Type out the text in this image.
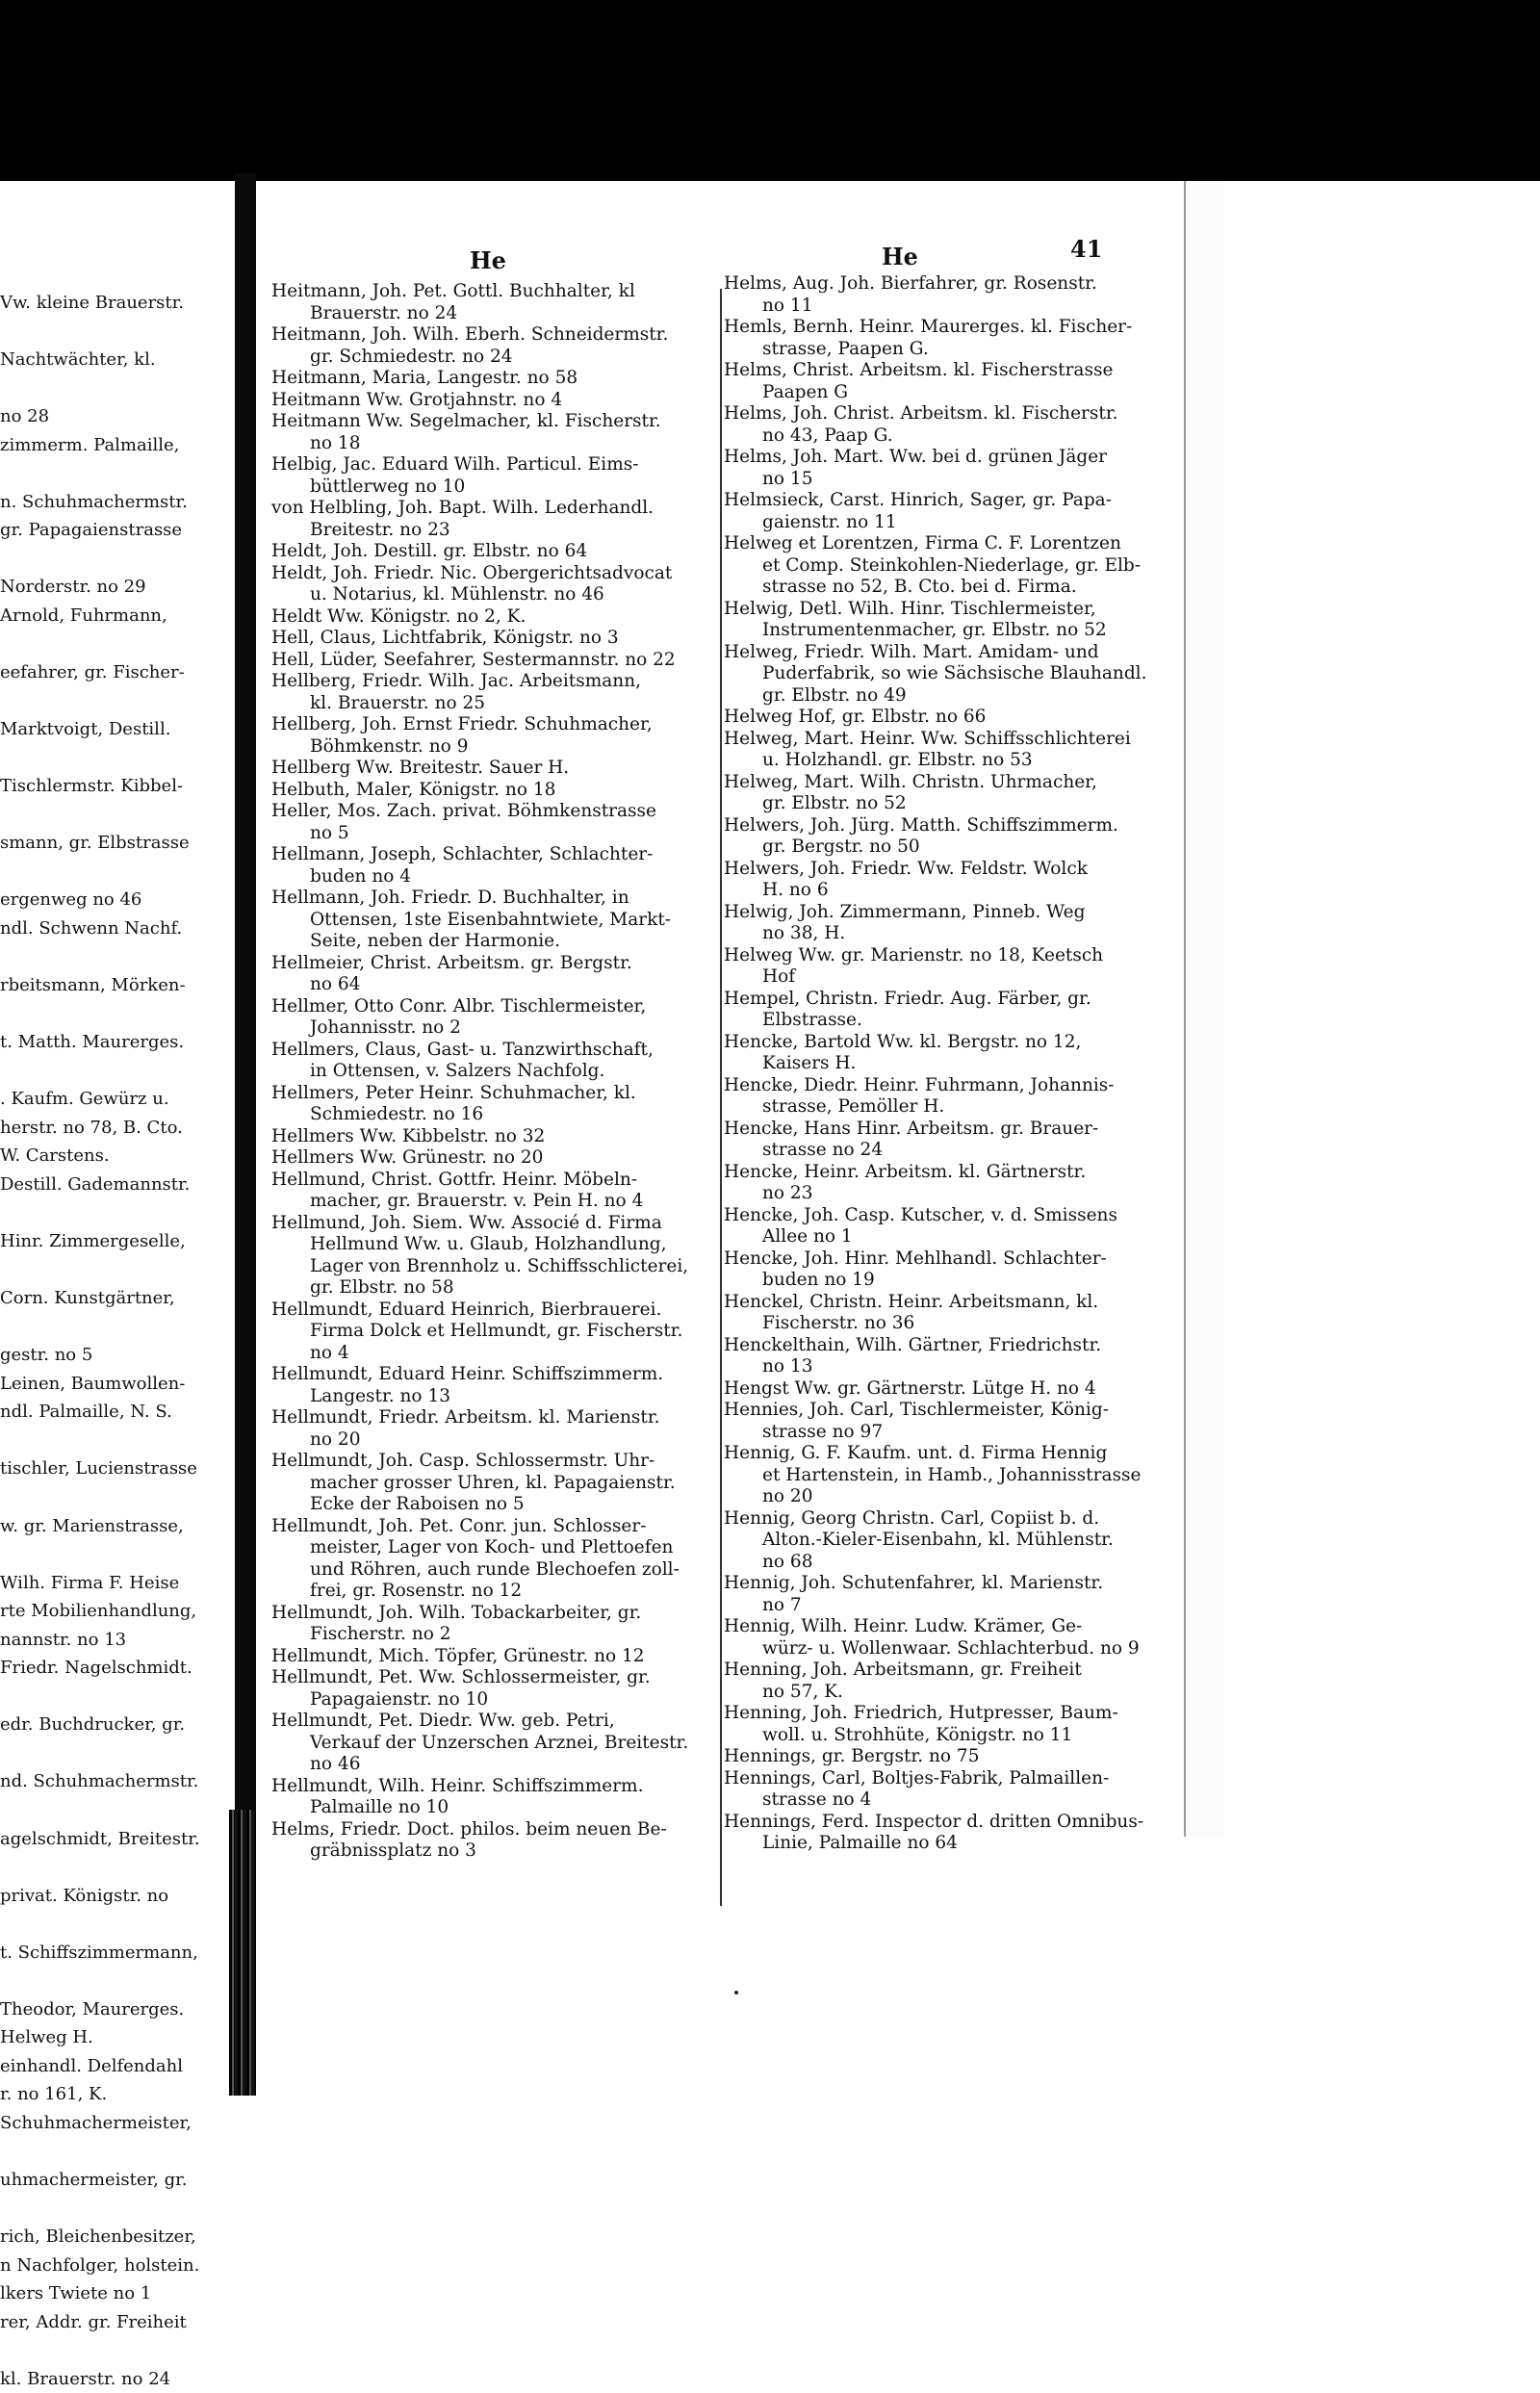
Vw. kleine Brauerstr.

Nachtwächter, kl.

no 28
zimmerm. Palmaille,

n. Schuhmachermstr.
gr. Papagaienstrasse

Norderstr. no 29
Arnold, Fuhrmann,

eefahrer, gr. Fischer-

Marktvoigt, Destill.

Tischlermstr. Kibbel-

smann, gr. Elbstrasse

ergenweg no 46
ndl. Schwenn Nachf.

rbeitsmann, Mörken-

t. Matth. Maurerges.

. Kaufm. Gewürz u.
herstr. no 78, B. Cto.
W. Carstens.
Destill. Gademannstr.

Hinr. Zimmergeselle,

Corn. Kunstgärtner,

gestr. no 5
Leinen, Baumwollen-
ndl. Palmaille, N. S.

tischler, Lucienstrasse

w. gr. Marienstrasse,

Wilh. Firma F. Heise
rte Mobilienhandlung,
nannstr. no 13
Friedr. Nagelschmidt.

edr. Buchdrucker, gr.

nd. Schuhmachermstr.

agelschmidt, Breitestr.

privat. Königstr. no

t. Schiffszimmermann,

Theodor, Maurerges.
Helweg H.
einhandl. Delfendahl
r. no 161, K.
Schuhmachermeister,

uhmachermeister, gr.

rich, Bleichenbesitzer,
n Nachfolger, holstein.
lkers Twiete no 1
rer, Addr. gr. Freiheit

kl. Brauerstr. no 24
He	He	41
Heitmann, Joh. Pet. Gottl. Buchhalter, kl
Brauerstr. no 24
Heitmann, Joh. Wilh. Eberh. Schneidermstr.
gr. Schmiedestr. no 24
Heitmann, Maria, Langestr. no 58
Heitmann Ww. Grotjahnstr. no 4
Heitmann Ww. Segelmacher, kl. Fischerstr.
no 18
Helbig, Jac. Eduard Wilh. Particul. Eims-
büttlerweg no 10
von Helbling, Joh. Bapt. Wilh. Lederhandl.
Breitestr. no 23
Heldt, Joh. Destill. gr. Elbstr. no 64
Heldt, Joh. Friedr. Nic. Obergerichtsadvocat
u. Notarius, kl. Mühlenstr. no 46
Heldt Ww. Königstr. no 2, K.
Hell, Claus, Lichtfabrik, Königstr. no 3
Hell, Lüder, Seefahrer, Sestermannstr. no 22
Hellberg, Friedr. Wilh. Jac. Arbeitsmann,
kl. Brauerstr. no 25
Hellberg, Joh. Ernst Friedr. Schuhmacher,
Böhmkenstr. no 9
Hellberg Ww. Breitestr. Sauer H.
Helbuth, Maler, Königstr. no 18
Heller, Mos. Zach. privat. Böhmkenstrasse
no 5
Hellmann, Joseph, Schlachter, Schlachter-
buden no 4
Hellmann, Joh. Friedr. D. Buchhalter, in
Ottensen, 1ste Eisenbahntwiete, Markt-
Seite, neben der Harmonie.
Hellmeier, Christ. Arbeitsm. gr. Bergstr.
no 64
Hellmer, Otto Conr. Albr. Tischlermeister,
Johannisstr. no 2
Hellmers, Claus, Gast- u. Tanzwirthschaft,
in Ottensen, v. Salzers Nachfolg.
Hellmers, Peter Heinr. Schuhmacher, kl.
Schmiedestr. no 16
Hellmers Ww. Kibbelstr. no 32
Hellmers Ww. Grünestr. no 20
Hellmund, Christ. Gottfr. Heinr. Möbeln-
macher, gr. Brauerstr. v. Pein H. no 4
Hellmund, Joh. Siem. Ww. Associé d. Firma
Hellmund Ww. u. Glaub, Holzhandlung,
Lager von Brennholz u. Schiffsschlicterei,
gr. Elbstr. no 58
Hellmundt, Eduard Heinrich, Bierbrauerei.
Firma Dolck et Hellmundt, gr. Fischerstr.
no 4
Hellmundt, Eduard Heinr. Schiffszimmerm.
Langestr. no 13
Hellmundt, Friedr. Arbeitsm. kl. Marienstr.
no 20
Hellmundt, Joh. Casp. Schlossermstr. Uhr-
macher grosser Uhren, kl. Papagaienstr.
Ecke der Raboisen no 5
Hellmundt, Joh. Pet. Conr. jun. Schlosser-
meister, Lager von Koch- und Plettoefen
und Röhren, auch runde Blechoefen zoll-
frei, gr. Rosenstr. no 12
Hellmundt, Joh. Wilh. Tobackarbeiter, gr.
Fischerstr. no 2
Hellmundt, Mich. Töpfer, Grünestr. no 12
Hellmundt, Pet. Ww. Schlossermeister, gr.
Papagaienstr. no 10
Hellmundt, Pet. Diedr. Ww. geb. Petri,
Verkauf der Unzerschen Arznei, Breitestr.
no 46
Hellmundt, Wilh. Heinr. Schiffszimmerm.
Palmaille no 10
Helms, Friedr. Doct. philos. beim neuen Be-
gräbnissplatz no 3
Helms, Aug. Joh. Bierfahrer, gr. Rosenstr.
no 11
Hemls, Bernh. Heinr. Maurerges. kl. Fischer-
strasse, Paapen G.
Helms, Christ. Arbeitsm. kl. Fischerstrasse
Paapen G
Helms, Joh. Christ. Arbeitsm. kl. Fischerstr.
no 43, Paap G.
Helms, Joh. Mart. Ww. bei d. grünen Jäger
no 15
Helmsieck, Carst. Hinrich, Sager, gr. Papa-
gaienstr. no 11
Helweg et Lorentzen, Firma C. F. Lorentzen
et Comp. Steinkohlen-Niederlage, gr. Elb-
strasse no 52, B. Cto. bei d. Firma.
Helwig, Detl. Wilh. Hinr. Tischlermeister,
Instrumentenmacher, gr. Elbstr. no 52
Helweg, Friedr. Wilh. Mart. Amidam- und
Puderfabrik, so wie Sächsische Blauhandl.
gr. Elbstr. no 49
Helweg Hof, gr. Elbstr. no 66
Helweg, Mart. Heinr. Ww. Schiffsschlichterei
u. Holzhandl. gr. Elbstr. no 53
Helweg, Mart. Wilh. Christn. Uhrmacher,
gr. Elbstr. no 52
Helwers, Joh. Jürg. Matth. Schiffszimmerm.
gr. Bergstr. no 50
Helwers, Joh. Friedr. Ww. Feldstr. Wolck
H. no 6
Helwig, Joh. Zimmermann, Pinneb. Weg
no 38, H.
Helweg Ww. gr. Marienstr. no 18, Keetsch
Hof
Hempel, Christn. Friedr. Aug. Färber, gr.
Elbstrasse.
Hencke, Bartold Ww. kl. Bergstr. no 12,
Kaisers H.
Hencke, Diedr. Heinr. Fuhrmann, Johannis-
strasse, Pemöller H.
Hencke, Hans Hinr. Arbeitsm. gr. Brauer-
strasse no 24
Hencke, Heinr. Arbeitsm. kl. Gärtnerstr.
no 23
Hencke, Joh. Casp. Kutscher, v. d. Smissens
Allee no 1
Hencke, Joh. Hinr. Mehlhandl. Schlachter-
buden no 19
Henckel, Christn. Heinr. Arbeitsmann, kl.
Fischerstr. no 36
Henckelthain, Wilh. Gärtner, Friedrichstr.
no 13
Hengst Ww. gr. Gärtnerstr. Lütge H. no 4
Hennies, Joh. Carl, Tischlermeister, König-
strasse no 97
Hennig, G. F. Kaufm. unt. d. Firma Hennig
et Hartenstein, in Hamb., Johannisstrasse
no 20
Hennig, Georg Christn. Carl, Copiist b. d.
Alton.-Kieler-Eisenbahn, kl. Mühlenstr.
no 68
Hennig, Joh. Schutenfahrer, kl. Marienstr.
no 7
Hennig, Wilh. Heinr. Ludw. Krämer, Ge-
würz- u. Wollenwaar. Schlachterbud. no 9
Henning, Joh. Arbeitsmann, gr. Freiheit
no 57, K.
Henning, Joh. Friedrich, Hutpresser, Baum-
woll. u. Strohhüte, Königstr. no 11
Hennings, gr. Bergstr. no 75
Hennings, Carl, Boltjes-Fabrik, Palmaillen-
strasse no 4
Hennings, Ferd. Inspector d. dritten Omnibus-
Linie, Palmaille no 64
